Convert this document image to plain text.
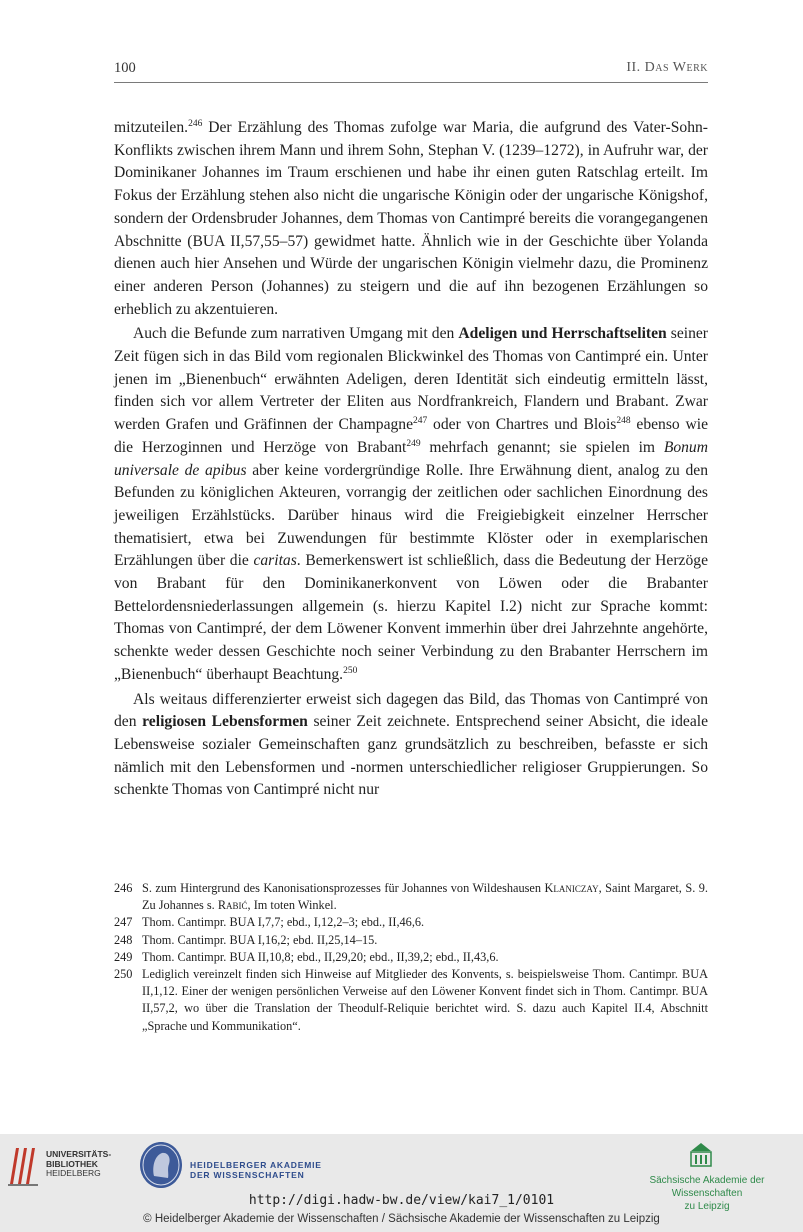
100	II. Das Werk

mitzuteilen.$^{246}$ Der Erzählung des Thomas zufolge war Maria, die aufgrund des Vater-Sohn-Konflikts zwischen ihrem Mann und ihrem Sohn, Stephan V. (1239–1272), in Aufruhr war, der Dominikaner Johannes im Traum erschienen und habe ihr einen guten Ratschlag erteilt. Im Fokus der Erzählung stehen also nicht die ungarische Königin oder der ungarische Königshof, sondern der Ordensbruder Johannes, dem Thomas von Cantimpré bereits die vorangegangenen Abschnitte (BUA II,57,55–57) gewidmet hatte. Ähnlich wie in der Geschichte über Yolanda dienen auch hier Ansehen und Würde der ungarischen Königin vielmehr dazu, die Prominenz einer anderen Person (Johannes) zu steigern und die auf ihn bezogenen Erzählungen so erheblich zu akzentuieren.

Auch die Befunde zum narrativen Umgang mit den Adeligen und Herrschaftseliten seiner Zeit fügen sich in das Bild vom regionalen Blickwinkel des Thomas von Cantimpré ein. Unter jenen im „Bienenbuch“ erwähnten Adeligen, deren Identität sich eindeutig ermitteln lässt, finden sich vor allem Vertreter der Eliten aus Nordfrankreich, Flandern und Brabant. Zwar werden Grafen und Gräfinnen der Champagne$^{247}$ oder von Chartres und Blois$^{248}$ ebenso wie die Herzoginnen und Herzöge von Brabant$^{249}$ mehrfach genannt; sie spielen im Bonum universale de apibus aber keine vordergründige Rolle. Ihre Erwähnung dient, analog zu den Befunden zu königlichen Akteuren, vorrangig der zeitlichen oder sachlichen Einordnung des jeweiligen Erzählstücks. Darüber hinaus wird die Freigiebigkeit einzelner Herrscher thematisiert, etwa bei Zuwendungen für bestimmte Klöster oder in exemplarischen Erzählungen über die caritas. Bemerkenswert ist schließlich, dass die Bedeutung der Herzöge von Brabant für den Dominikanerkonvent von Löwen oder die Brabanter Bettelordensniederlassungen allgemein (s. hierzu Kapitel I.2) nicht zur Sprache kommt: Thomas von Cantimpré, der dem Löwener Konvent immerhin über drei Jahrzehnte angehörte, schenkte weder dessen Geschichte noch seiner Verbindung zu den Brabanter Herrschern im „Bienenbuch“ überhaupt Beachtung.$^{250}$

Als weitaus differenzierter erweist sich dagegen das Bild, das Thomas von Cantimpré von den religiosen Lebensformen seiner Zeit zeichnete. Entsprechend seiner Absicht, die ideale Lebensweise sozialer Gemeinschaften ganz grundsätzlich zu beschreiben, befasste er sich nämlich mit den Lebensformen und -normen unterschiedlicher religioser Gruppierungen. So schenkte Thomas von Cantimpré nicht nur

246 S. zum Hintergrund des Kanonisationsprozesses für Johannes von Wildeshausen Klaniczay, Saint Margaret, S. 9. Zu Johannes s. Rabić, Im toten Winkel.
247 Thom. Cantimpr. BUA I,7,7; ebd., I,12,2–3; ebd., II,46,6.
248 Thom. Cantimpr. BUA I,16,2; ebd. II,25,14–15.
249 Thom. Cantimpr. BUA II,10,8; ebd., II,29,20; ebd., II,39,2; ebd., II,43,6.
250 Lediglich vereinzelt finden sich Hinweise auf Mitglieder des Konvents, s. beispielsweise Thom. Cantimpr. BUA II,1,12. Einer der wenigen persönlichen Verweise auf den Löwener Konvent findet sich in Thom. Cantimpr. BUA II,57,2, wo über die Translation der Theodulf-Reliquie berichtet wird. S. dazu auch Kapitel II.4, Abschnitt „Sprache und Kommunikation“.
UNIVERSITÄTS-
BIBLIOTHEK
HEIDELBERG
HEIDELBERGER AKADEMIE
DER WISSENSCHAFTEN	Sächsische Akademie der Wissenschaften
zu Leipzig
http://digi.hadw-bw.de/view/kai7_1/0101
© Heidelberger Akademie der Wissenschaften / Sächsische Akademie der Wissenschaften zu Leipzig
